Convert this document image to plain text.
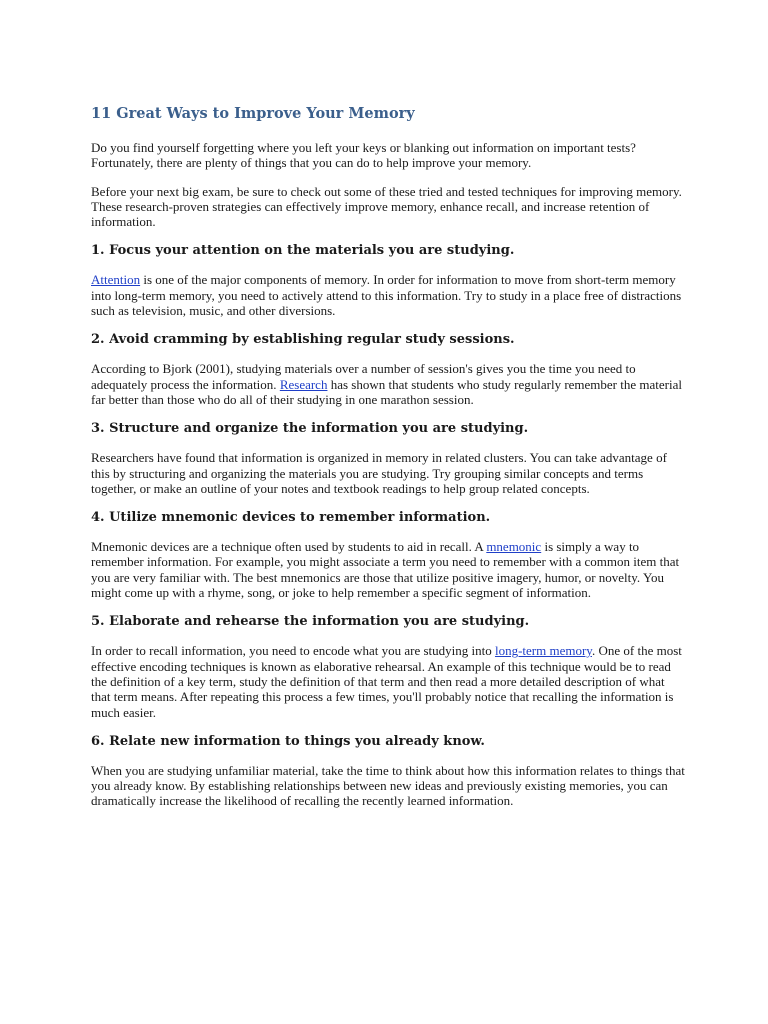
11 Great Ways to Improve Your Memory

Do you find yourself forgetting where you left your keys or blanking out information on important tests? Fortunately, there are plenty of things that you can do to help improve your memory.

Before your next big exam, be sure to check out some of these tried and tested techniques for improving memory. These research-proven strategies can effectively improve memory, enhance recall, and increase retention of information.

1. Focus your attention on the materials you are studying.

Attention is one of the major components of memory. In order for information to move from short-term memory into long-term memory, you need to actively attend to this information. Try to study in a place free of distractions such as television, music, and other diversions.

2. Avoid cramming by establishing regular study sessions.

According to Bjork (2001), studying materials over a number of session's gives you the time you need to adequately process the information. Research has shown that students who study regularly remember the material far better than those who do all of their studying in one marathon session.

3. Structure and organize the information you are studying.

Researchers have found that information is organized in memory in related clusters. You can take advantage of this by structuring and organizing the materials you are studying. Try grouping similar concepts and terms together, or make an outline of your notes and textbook readings to help group related concepts.

4. Utilize mnemonic devices to remember information.

Mnemonic devices are a technique often used by students to aid in recall. A mnemonic is simply a way to remember information. For example, you might associate a term you need to remember with a common item that you are very familiar with. The best mnemonics are those that utilize positive imagery, humor, or novelty. You might come up with a rhyme, song, or joke to help remember a specific segment of information.

5. Elaborate and rehearse the information you are studying.

In order to recall information, you need to encode what you are studying into long-term memory. One of the most effective encoding techniques is known as elaborative rehearsal. An example of this technique would be to read the definition of a key term, study the definition of that term and then read a more detailed description of what that term means. After repeating this process a few times, you'll probably notice that recalling the information is much easier.

6. Relate new information to things you already know.

When you are studying unfamiliar material, take the time to think about how this information relates to things that you already know. By establishing relationships between new ideas and previously existing memories, you can dramatically increase the likelihood of recalling the recently learned information.
